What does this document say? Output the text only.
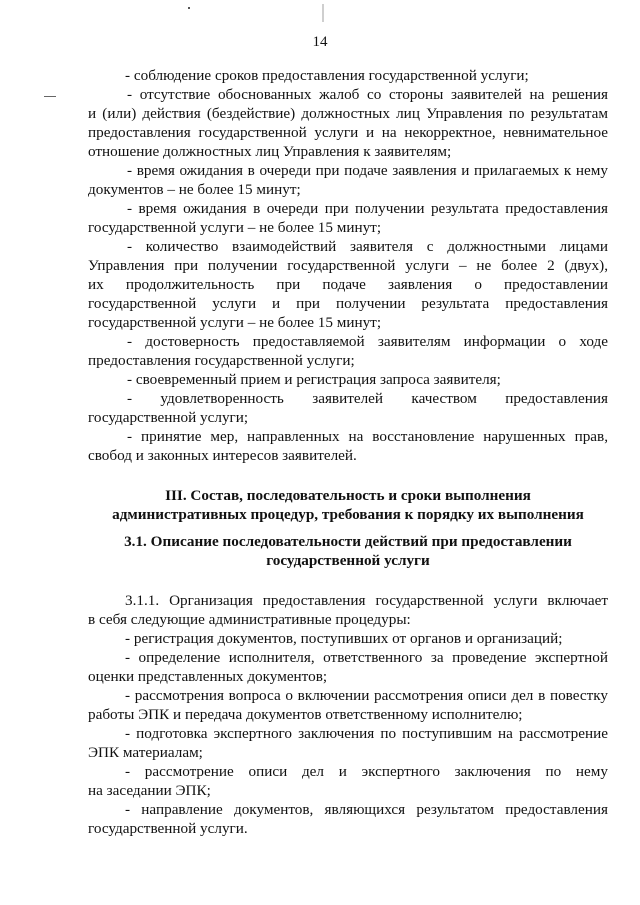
14
- соблюдение сроков предоставления государственной услуги;
- отсутствие обоснованных жалоб со стороны заявителей на решения
и (или) действия (бездействие) должностных лиц Управления по результатам
предоставления государственной услуги и на некорректное, невнимательное
отношение должностных лиц Управления к заявителям;
- время ожидания в очереди при подаче заявления и прилагаемых к нему
документов – не более 15 минут;
- время ожидания в очереди при получении результата предоставления
государственной услуги – не более 15 минут;
- количество взаимодействий заявителя с должностными лицами
Управления при получении государственной услуги – не более 2 (двух),
их продолжительность при подаче заявления о предоставлении
государственной услуги и при получении результата предоставления
государственной услуги – не более 15 минут;
- достоверность предоставляемой заявителям информации о ходе
предоставления государственной услуги;
- своевременный прием и регистрация запроса заявителя;
- удовлетворенность заявителей качеством предоставления
государственной услуги;
- принятие мер, направленных на восстановление нарушенных прав,
свобод и законных интересов заявителей.
III. Состав, последовательность и сроки выполнения
административных процедур, требования к порядку их выполнения
3.1. Описание последовательности действий при предоставлении
государственной услуги
3.1.1. Организация предоставления государственной услуги включает
в себя следующие административные процедуры:
- регистрация документов, поступивших от органов и организаций;
- определение исполнителя, ответственного за проведение экспертной
оценки представленных документов;
- рассмотрения вопроса о включении рассмотрения описи дел в повестку
работы ЭПК и передача документов ответственному исполнителю;
- подготовка экспертного заключения по поступившим на рассмотрение
ЭПК материалам;
- рассмотрение описи дел и экспертного заключения по нему
на заседании ЭПК;
- направление документов, являющихся результатом предоставления
государственной услуги.
